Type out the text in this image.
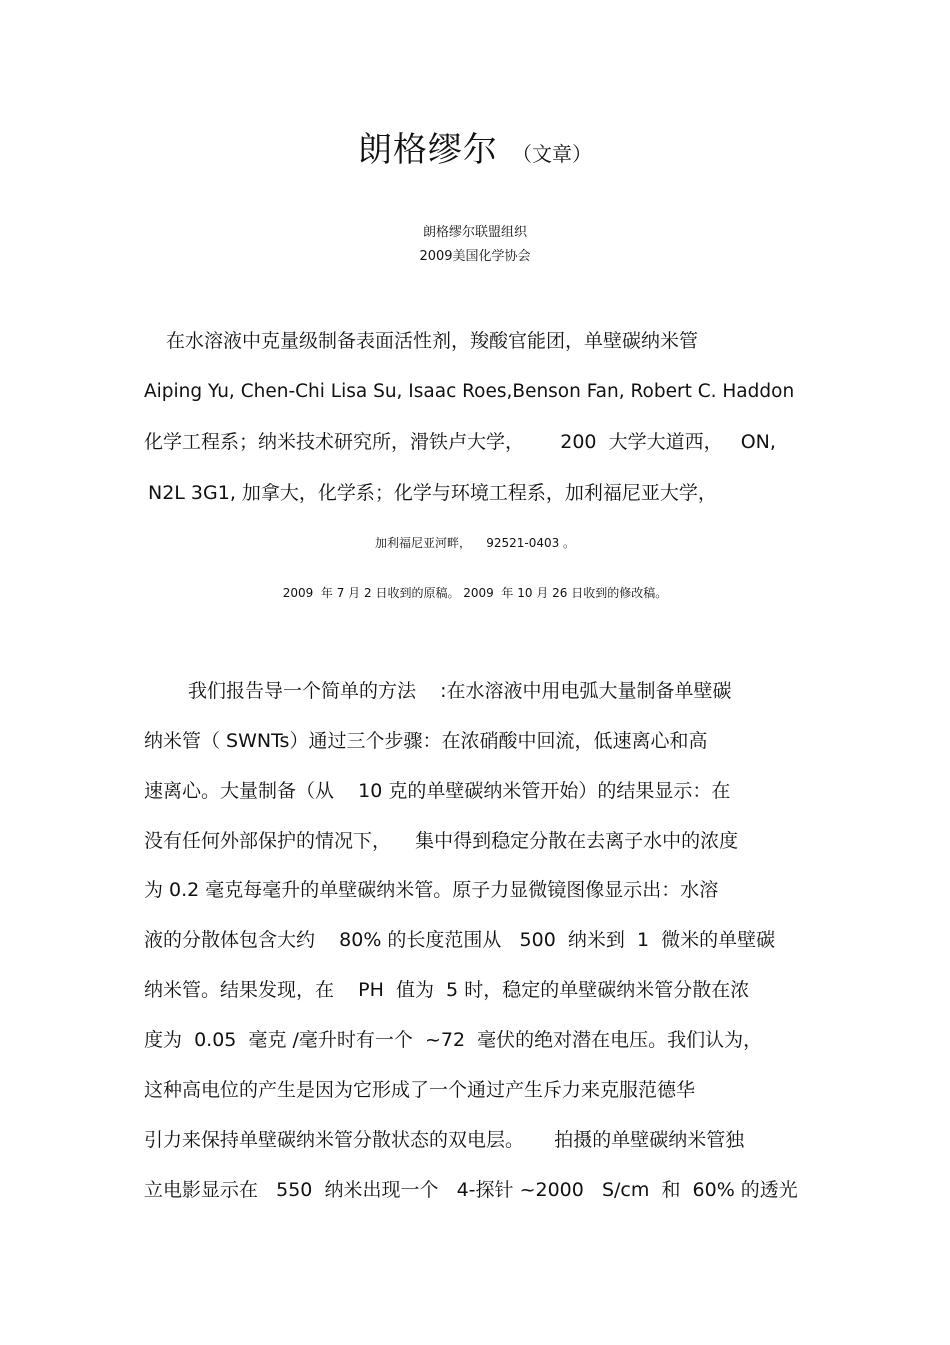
朗格缪尔 （文章）
朗格缪尔联盟组织
2009美国化学协会
在水溶液中克量级制备表面活性剂，羧酸官能团，单壁碳纳米管
Aiping Yu, Chen-Chi Lisa Su, Isaac Roes,Benson Fan, Robert C. Haddon
化学工程系；纳米技术研究所，滑铁卢大学，      200  大学大道西，   ON,
N2L 3G1, 加拿大，化学系；化学与环境工程系，加利福尼亚大学，
加利福尼亚河畔，    92521-0403 。
2009  年 7 月 2 日收到的原稿。 2009  年 10 月 26 日收到的修改稿。
我们报告导一个简单的方法    :在水溶液中用电弧大量制备单壁碳
纳米管（ SWNTs）通过三个步骤：在浓硝酸中回流，低速离心和高
速离心。大量制备（从    10 克的单壁碳纳米管开始）的结果显示：在
没有任何外部保护的情况下，    集中得到稳定分散在去离子水中的浓度
为 0.2 毫克每毫升的单壁碳纳米管。原子力显微镜图像显示出：水溶
液的分散体包含大约    80% 的长度范围从   500  纳米到  1  微米的单壁碳
纳米管。结果发现，在    PH  值为  5 时，稳定的单壁碳纳米管分散在浓
度为  0.05  毫克 /毫升时有一个  ~72  毫伏的绝对潜在电压。我们认为，
这种高电位的产生是因为它形成了一个通过产生斥力来克服范德华
引力来保持单壁碳纳米管分散状态的双电层。     拍摄的单壁碳纳米管独
立电影显示在   550  纳米出现一个   4-探针 ~2000   S/cm  和  60% 的透光
